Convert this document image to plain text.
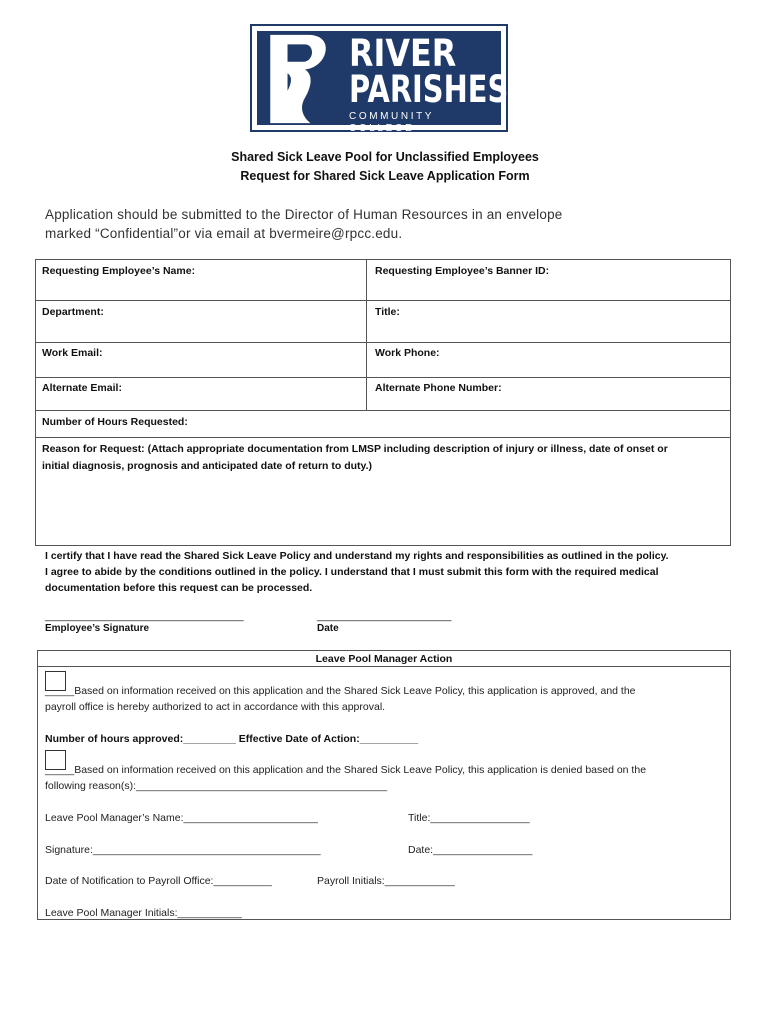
RIVER
PARISHES
COMMUNITY COLLEGE
Shared Sick Leave Pool for Unclassified Employees
Request for Shared Sick Leave Application Form
Application should be submitted to the Director of Human Resources in an envelope
marked “Confidential”or via email at bvermeire@rpcc.edu.
Requesting Employee’s Name:	Requesting Employee’s Banner ID:
Department:	Title:
Work Email:	Work Phone:
Alternate Email:	Alternate Phone Number:
Number of Hours Requested:
Reason for Request: (Attach appropriate documentation from LMSP including description of injury or illness, date of onset or
initial diagnosis, prognosis and anticipated date of return to duty.)
I certify that I have read the Shared Sick Leave Policy and understand my rights and responsibilities as outlined in the policy.
I agree to abide by the conditions outlined in the policy. I understand that I must submit this form with the required medical
documentation before this request can be processed.
__________________________________	_______________________
Employee’s Signature	Date
Leave Pool Manager Action
_____Based on information received on this application and the Shared Sick Leave Policy, this application is approved, and the
payroll office is hereby authorized to act in accordance with this approval.
Number of hours approved:_________ Effective Date of Action:__________
_____Based on information received on this application and the Shared Sick Leave Policy, this application is denied based on the
following reason(s):___________________________________________
Leave Pool Manager’s Name:_______________________	Title:_________________
Signature:_______________________________________	Date:_________________
Date of Notification to Payroll Office:__________	Payroll Initials:____________
Leave Pool Manager Initials:___________
